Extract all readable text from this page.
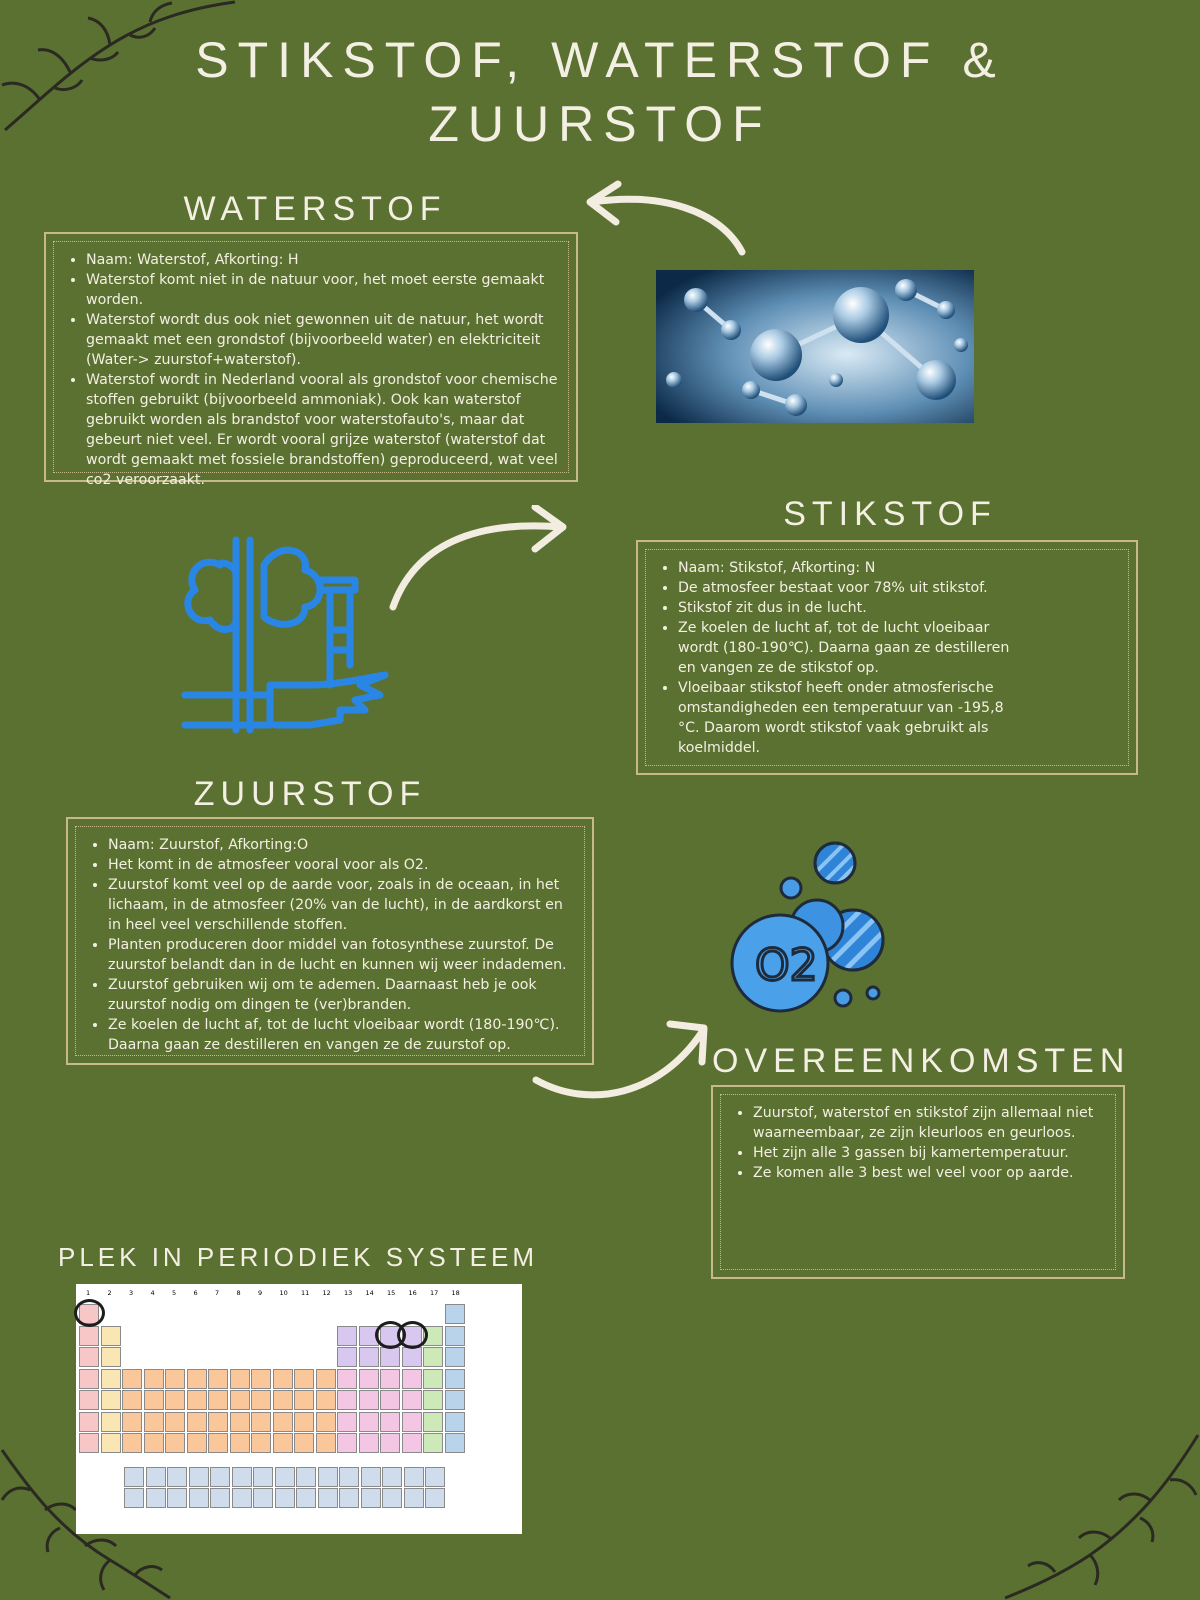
STIKSTOF, WATERSTOF &
ZUURSTOF
WATERSTOF
• Naam: Waterstof, Afkorting: H
• Waterstof komt niet in de natuur voor, het moet eerste gemaakt worden.
• Waterstof wordt dus ook niet gewonnen uit de natuur, het wordt gemaakt met een grondstof (bijvoorbeeld water) en elektriciteit (Water-> zuurstof+waterstof).
• Waterstof wordt in Nederland vooral als grondstof voor chemische stoffen gebruikt (bijvoorbeeld ammoniak). Ook kan waterstof gebruikt worden als brandstof voor waterstofauto's, maar dat gebeurt niet veel. Er wordt vooral grijze waterstof (waterstof dat wordt gemaakt met fossiele brandstoffen) geproduceerd, wat veel co2 veroorzaakt.
STIKSTOF
• Naam: Stikstof, Afkorting: N
• De atmosfeer bestaat voor 78% uit stikstof.
• Stikstof zit dus in de lucht.
• Ze koelen de lucht af, tot de lucht vloeibaar wordt (180-190℃). Daarna gaan ze destilleren en vangen ze de stikstof op.
• Vloeibaar stikstof heeft onder atmosferische omstandigheden een temperatuur van -195,8 °C. Daarom wordt stikstof vaak gebruikt als koelmiddel.
ZUURSTOF
• Naam: Zuurstof, Afkorting:O
• Het komt in de atmosfeer vooral voor als O2.
• Zuurstof komt veel op de aarde voor, zoals in de oceaan, in het lichaam, in de atmosfeer (20% van de lucht), in de aardkorst en in heel veel verschillende stoffen.
• Planten produceren door middel van fotosynthese zuurstof. De zuurstof belandt dan in de lucht en kunnen wij weer indademen.
• Zuurstof gebruiken wij om te ademen. Daarnaast heb je ook zuurstof nodig om dingen te (ver)branden.
• Ze koelen de lucht af, tot de lucht vloeibaar wordt (180-190℃). Daarna gaan ze destilleren en vangen ze de zuurstof op.
O2
OVEREENKOMSTEN
• Zuurstof, waterstof en stikstof zijn allemaal niet waarneembaar, ze zijn kleurloos en geurloos.
• Het zijn alle 3 gassen bij kamertemperatuur.
• Ze komen alle 3 best wel veel voor op aarde.
PLEK IN PERIODIEK SYSTEEM
1	2	3	4	5	6	7	8	9	10 11 12 13 14 15 16 17 18
